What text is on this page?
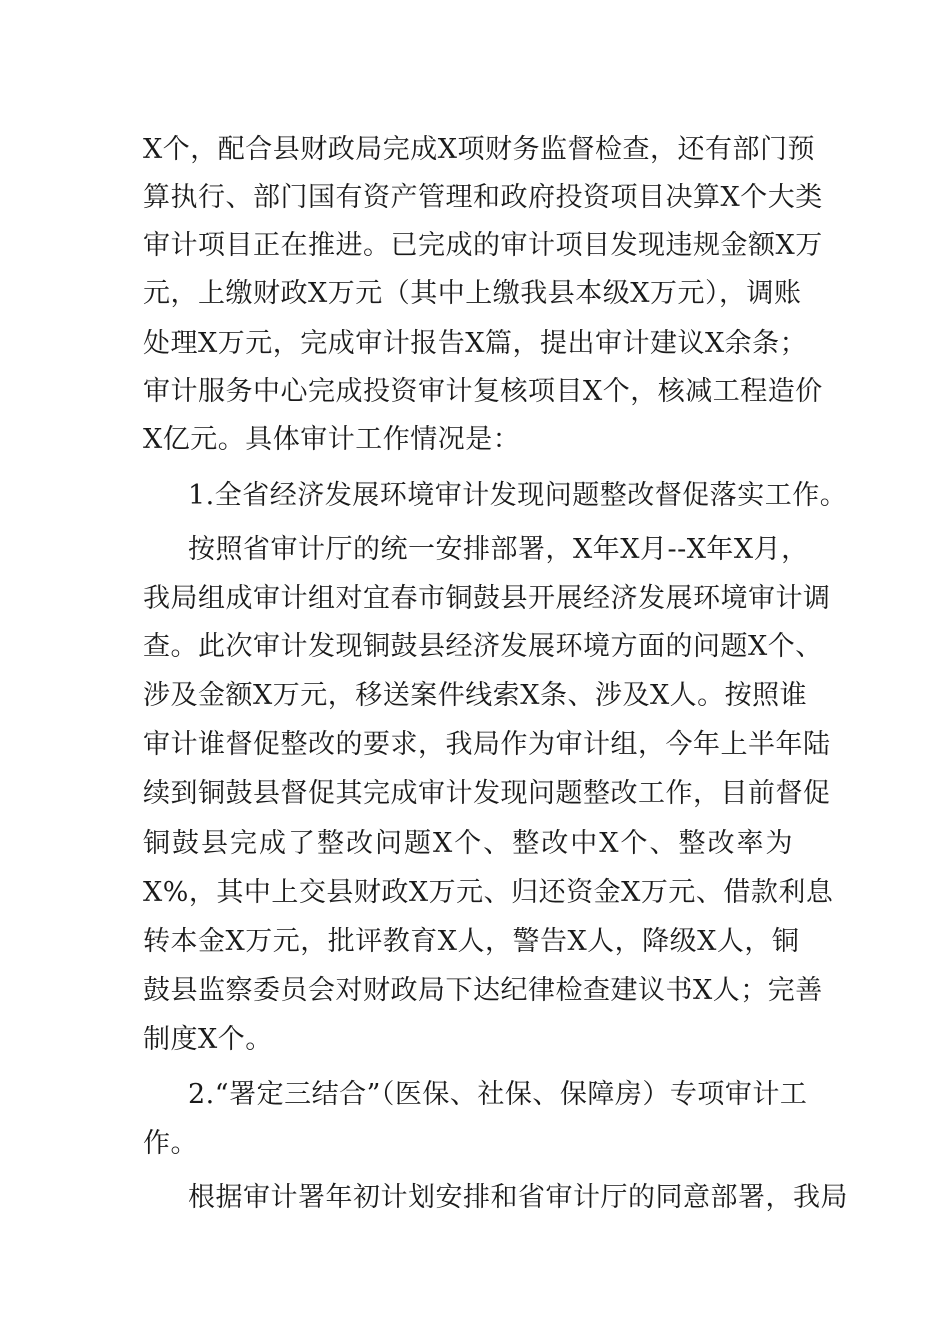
X个，配合县财政局完成X项财务监督检查，还有部门预

算执行、部门国有资产管理和政府投资项目决算X个大类

审计项目正在推进。已完成的审计项目发现违规金额X万

元，上缴财政X万元（其中上缴我县本级X万元），调账

处理X万元，完成审计报告X篇，提出审计建议X余条；

审计服务中心完成投资审计复核项目X个，核减工程造价

X亿元。具体审计工作情况是：

1.全省经济发展环境审计发现问题整改督促落实工作。

按照省审计厅的统一安排部署，X年X月--X年X月，

我局组成审计组对宜春市铜鼓县开展经济发展环境审计调

查。此次审计发现铜鼓县经济发展环境方面的问题X个、

涉及金额X万元，移送案件线索X条、涉及X人。按照谁

审计谁督促整改的要求，我局作为审计组，今年上半年陆

续到铜鼓县督促其完成审计发现问题整改工作，目前督促

铜鼓县完成了整改问题X个、整改中X个、整改率为

X%，其中上交县财政X万元、归还资金X万元、借款利息

转本金X万元，批评教育X人，警告X人，降级X人，铜

鼓县监察委员会对财政局下达纪律检查建议书X人；完善

制度X个。

2.“署定三结合”（医保、社保、保障房）专项审计工

作。

根据审计署年初计划安排和省审计厅的同意部署，我局
